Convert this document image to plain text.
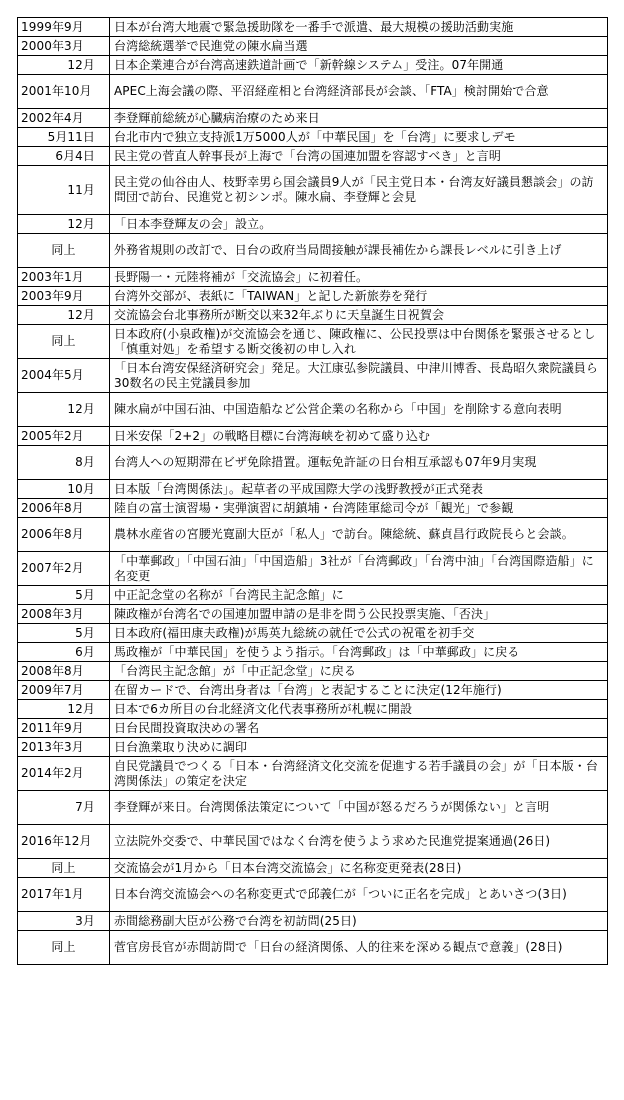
1999年9月	日本が台湾大地震で緊急援助隊を一番手で派遣、最大規模の援助活動実施
2000年3月	台湾総統選挙で民進党の陳水扁当選
12月	日本企業連合が台湾高速鉄道計画で「新幹線システム」受注。07年開通
2001年10月	APEC上海会議の際、平沼経産相と台湾経済部長が会談、「FTA」検討開始で合意
2002年4月	李登輝前総統が心臓病治療のため来日
5月11日	台北市内で独立支持派1万5000人が「中華民国」を「台湾」に要求しデモ
6月4日	民主党の菅直人幹事長が上海で「台湾の国連加盟を容認すべき」と言明
11月	民主党の仙谷由人、枝野幸男ら国会議員9人が「民主党日本・台湾友好議員懇談会」の訪問団で訪台、民進党と初シンポ。陳水扁、李登輝と会見
12月	「日本李登輝友の会」設立。
同上	外務省規則の改訂で、日台の政府当局間接触が課長補佐から課長レベルに引き上げ
2003年1月	長野陽一・元陸将補が「交流協会」に初着任。
2003年9月	台湾外交部が、表紙に「TAIWAN」と記した新旅券を発行
12月	交流協会台北事務所が断交以来32年ぶりに天皇誕生日祝賀会
同上	日本政府(小泉政権)が交流協会を通じ、陳政権に、公民投票は中台関係を緊張させるとし「慎重対処」を希望する断交後初の申し入れ
2004年5月	「日本台湾安保経済研究会」発足。大江康弘参院議員、中津川博香、長島昭久衆院議員ら30数名の民主党議員参加
12月	陳水扁が中国石油、中国造船など公営企業の名称から「中国」を削除する意向表明
2005年2月	日米安保「2+2」の戦略目標に台湾海峡を初めて盛り込む
8月	台湾人への短期滞在ビザ免除措置。運転免許証の日台相互承認も07年9月実現
10月	日本版「台湾関係法」。起草者の平成国際大学の浅野教授が正式発表
2006年8月	陸自の富士演習場・実弾演習に胡鎮埔・台湾陸軍総司令が「観光」で参観
2006年8月	農林水産省の宮腰光寛副大臣が「私人」で訪台。陳総統、蘇貞昌行政院長らと会談。
2007年2月	「中華郵政」「中国石油」「中国造船」3社が「台湾郵政」「台湾中油」「台湾国際造船」に名変更
5月	中正記念堂の名称が「台湾民主記念館」に
2008年3月	陳政権が台湾名での国連加盟申請の是非を問う公民投票実施、「否決」
5月	日本政府(福田康夫政権)が馬英九総統の就任で公式の祝電を初手交
6月	馬政権が「中華民国」を使うよう指示。「台湾郵政」は「中華郵政」に戻る
2008年8月	「台湾民主記念館」が「中正記念堂」に戻る
2009年7月	在留カードで、台湾出身者は「台湾」と表記することに決定(12年施行)
12月	日本で6カ所目の台北経済文化代表事務所が札幌に開設
2011年9月	日台民間投資取決めの署名
2013年3月	日台漁業取り決めに調印
2014年2月	自民党議員でつくる「日本・台湾経済文化交流を促進する若手議員の会」が「日本版・台湾関係法」の策定を決定
7月	李登輝が来日。台湾関係法策定について「中国が怒るだろうが関係ない」と言明
2016年12月	立法院外交委で、中華民国ではなく台湾を使うよう求めた民進党提案通過(26日)
同上	交流協会が1月から「日本台湾交流協会」に名称変更発表(28日)
2017年1月	日本台湾交流協会への名称変更式で邱義仁が「ついに正名を完成」とあいさつ(3日)
3月	赤間総務副大臣が公務で台湾を初訪問(25日)
同上	菅官房長官が赤間訪問で「日台の経済関係、人的往来を深める観点で意義」(28日)
